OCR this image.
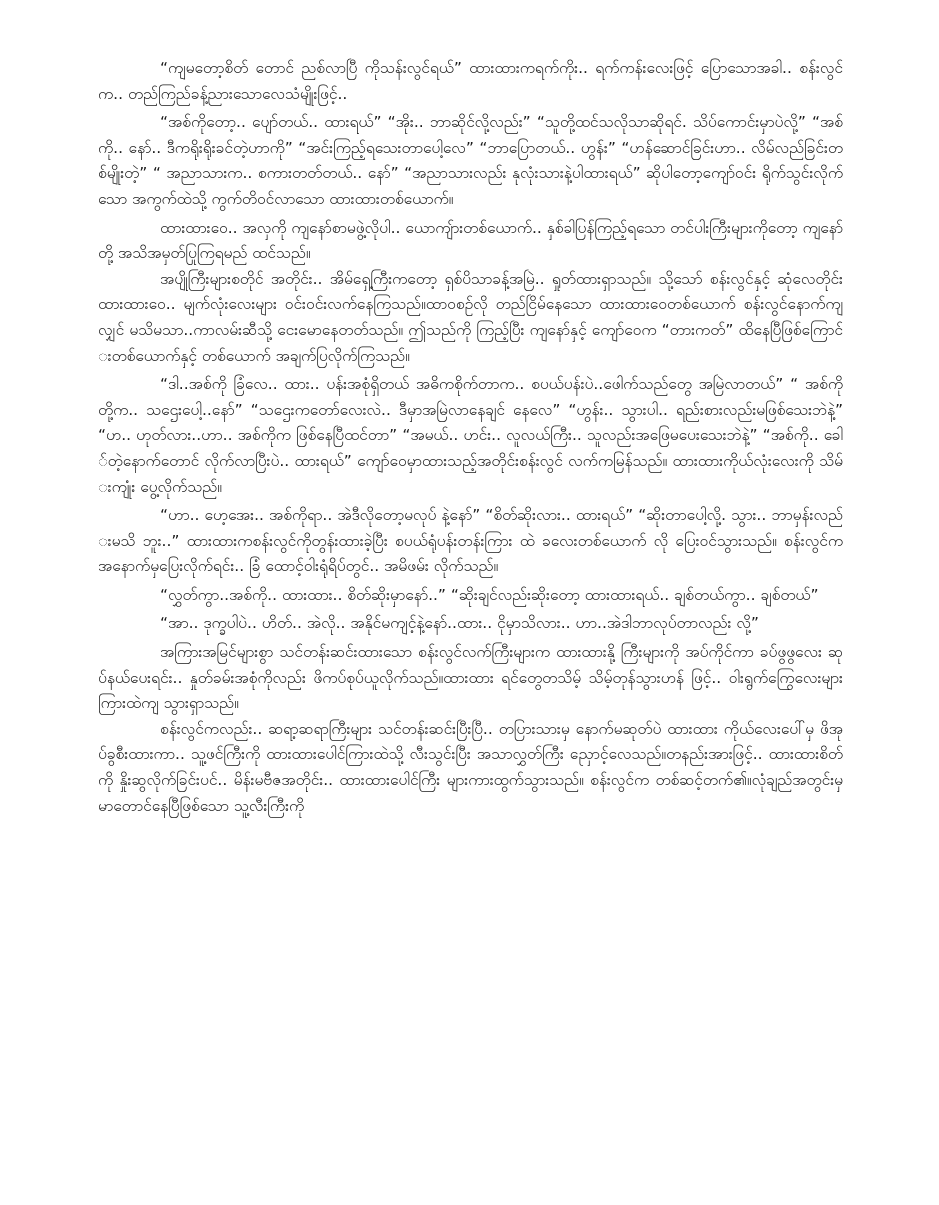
“ကျမတော့စိတ် တောင် ညစ်လာပြီ ကိုသန်းလွင်ရယ်” ထားထားကရက်ကိုး.. ရက်ကန်းလေးဖြင့် ပြောသောအခါ.. စန်းလွင်က.. တည်ကြည်ခန့်ညားသောလေသံမျိုးဖြင့်..

“အစ်ကိုတော့.. ပျော်တယ်.. ထားရယ်” “အိုး.. ဘာဆိုင်လို့လည်း” “သူတို့ထင်သလိုသာဆိုရင်. သိပ်ကောင်းမှာပဲလို့” “အစ်ကို.. နော်.. ဒီကရိုးရိုးခင်တဲ့ဟာကို” “အင်းကြည့်ရသေးတာပေါ့လေ” “ဘာပြောတယ်.. ဟွန်း” “ဟန်ဆောင်ခြင်းဟာ.. လိမ်လည်ခြင်းတစ်မျိုးတဲ့” “ အညာသားက.. စကားတတ်တယ်.. နော်” “အညာသားလည်း နုလုံးသားနဲ့ပါထားရယ်” ဆိုပါတော့ကျော်ဝင်း ရိုက်သွင်းလိုက်သော အကွက်ထဲသို့ ကွက်တိဝင်လာသော ထားထားတစ်ယောက်။

ထားထားဝေ.. အလှကို ကျနော်စာမဖွဲ့လိုပါ.. ယောကျ်ားတစ်ယောက်.. နှစ်ခါပြန်ကြည့်ရသော တင်ပါးကြီးများကိုတော့ ကျနော်တို့ အသိအမှတ်ပြုကြရမည် ထင်သည်။

အပျိုကြီးများစတိုင် အတိုင်း.. အိမ်ရှေ့ကြီးကတော့ ရှစ်ပိသာခန့်အမြဲ.. ရှုတ်ထားရှာသည်။ သို့သော် စန်းလွင်နှင့် ဆုံလေတိုင်း ထားထားဝေ.. မျက်လုံးလေးများ ဝင်းဝင်းလက်နေကြသည်။ထာဝစဉ်လို တည်ငြိမ်နေသော ထားထားဝေတစ်ယောက် စန်းလွင်နောက်ကျ လျှင် မသိမသာ..ကာလမ်းဆီသို့ ငေးမောနေတတ်သည်။ ဤသည်ကို ကြည့်ပြီး ကျနော်နှင့် ကျော်ဝေက “တားကတ်” ထိနေပြီဖြစ်ကြောင်းတစ်ယောက်နှင့် တစ်ယောက် အချက်ပြလိုက်ကြသည်။

“ဒါ..အစ်ကို ခြံလေ.. ထား.. ပန်းအစုံရှိတယ် အဓိကစိုက်တာက.. စပယ်ပန်းပဲ..ဖေါက်သည်တွေ အမြဲလာတယ်” “ အစ်ကိုတို့က.. သဌေးပေါ့..နော်” “သဌေးကတော်လေးလဲ.. ဒီမှာအမြဲလာနေချင် နေလေ” “ဟွန်း.. သွားပါ.. ရည်းစားလည်းမဖြစ်သေးဘဲနဲ့” “ဟ.. ဟုတ်လား..ဟာ.. အစ်ကိုက ဖြစ်နေပြီထင်တာ” “အမယ်.. ဟင်း.. လူလယ်ကြီး.. သူလည်းအဖြေမပေးသေးဘဲနဲ့” “အစ်ကို.. ခေါ်တဲ့နောက်တောင် လိုက်လာပြီးပဲ.. ထားရယ်” ကျော်ဝေမှာထားသည့်အတိုင်းစန်းလွင် လက်ကမြန်သည်။ ထားထားကိုယ်လုံးလေးကို သိမ်းကျုံး ပွေ့လိုက်သည်။

“ဟာ.. ဟေ့အေး.. အစ်ကိုရာ.. အဲဒီလိုတော့မလုပ် နဲ့နော်” “စိတ်ဆိုးလား.. ထားရယ်” “ဆိုးတာပေါ့လို့. သွား.. ဘာမှန်းလည်းမသိ ဘူး..” ထားထားကစန်းလွင်ကိုတွန်းထားခဲ့ပြီး စပယ်ရုံပန်းတန်းကြား ထဲ ခလေးတစ်ယောက် လို ပြေးဝင်သွားသည်။ စန်းလွင်က အနောက်မှပြေးလိုက်ရင်း.. ခြံ ထောင့်ဝါးရုံရိပ်တွင်.. အမိဖမ်း လိုက်သည်။

“လွှတ်ကွာ..အစ်ကို.. ထားထား.. စိတ်ဆိုးမှာနော်..” “ဆိုးချင်လည်းဆိုးတော့ ထားထားရယ်.. ချစ်တယ်ကွာ.. ချစ်တယ်”

“အာ.. ဒုက္ခပါပဲ.. ဟိတ်.. အဲလို.. အနိုင်မကျင့်နဲ့နော်..ထား.. ငိုမှာသိလား.. ဟာ..အဲဒါဘာလုပ်တာလည်း လို့”

အကြားအမြင်များစွာ သင်တန်းဆင်းထားသော စန်းလွင်လက်ကြီးများက ထားထားနို့ ကြီးများကို အပ်ကိုင်ကာ ခပ်ဖွဖွလေး ဆုပ်နယ်ပေးရင်း.. နှုတ်ခမ်းအစုံကိုလည်း ဖိကပ်စုပ်ယူလိုက်သည်။ထားထား ရင်တွေတသိမ့် သိမ့်တုန်သွားဟန် ဖြင့်.. ဝါးရွက်ကြွေလေးများကြားထဲကျ သွားရှာသည်။

စန်းလွင်ကလည်း.. ဆရာ့ဆရာကြီးများ သင်တန်းဆင်းပြီးပြီ.. တပြားသားမှ နောက်မဆုတ်ပဲ ထားထား ကိုယ်လေးပေါ်မှ ဖိအုပ်ခွစီးထားကာ.. သူ့ဖင်ကြီးကို ထားထားပေါင်ကြားထဲသို့ လီးသွင်းပြီး အသာလွှတ်ကြီး ညှောင့်လေသည်။တနည်းအားဖြင့်.. ထားထားစိတ်ကို နှိုးဆွလိုက်ခြင်းပင်.. မိန်းမဗီဇအတိုင်း.. ထားထားပေါင်ကြီး များကားထွက်သွားသည်။ စန်းလွင်က တစ်ဆင့်တက်၏။လုံချည်အတွင်းမှမာတောင်နေပြီဖြစ်သော သူ့လီးကြီးကို
